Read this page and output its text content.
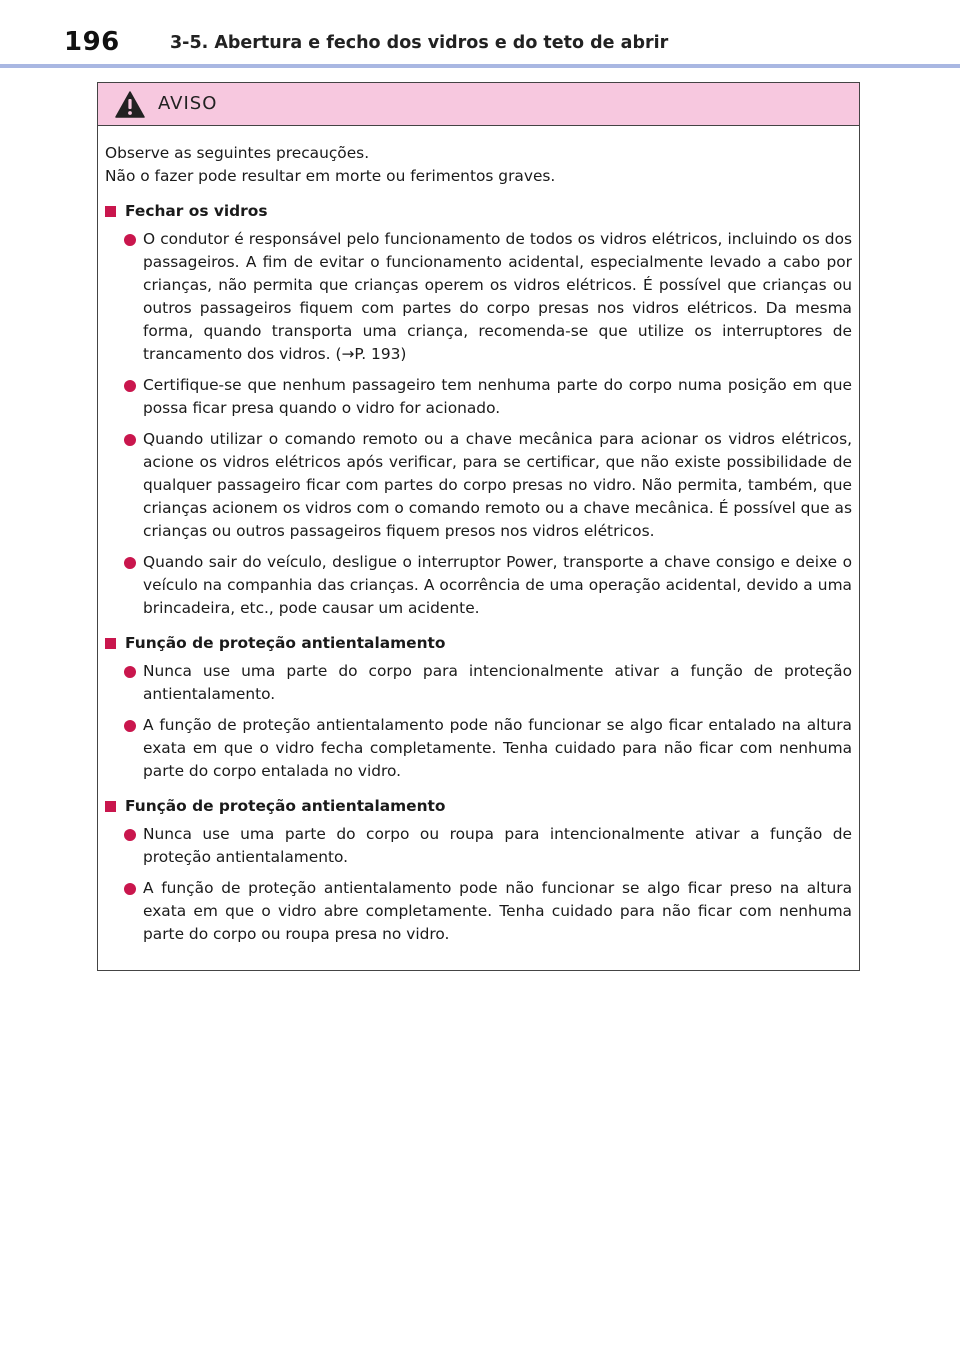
196	3-5. Abertura e fecho dos vidros e do teto de abrir
AVISO

Observe as seguintes precauções.

Não o fazer pode resultar em morte ou ferimentos graves.

Fechar os vidros
O condutor é responsável pelo funcionamento de todos os vidros elétricos, incluindo os dos passageiros. A fim de evitar o funcionamento acidental, especialmente levado a cabo por crianças, não permita que crianças operem os vidros elétricos. É possível que crianças ou outros passageiros fiquem com partes do corpo presas nos vidros elétricos. Da mesma forma, quando transporta uma criança, recomenda-se que utilize os interruptores de trancamento dos vidros. (→P. 193)
Certifique-se que nenhum passageiro tem nenhuma parte do corpo numa posição em que possa ficar presa quando o vidro for acionado.
Quando utilizar o comando remoto ou a chave mecânica para acionar os vidros elétricos, acione os vidros elétricos após verificar, para se certificar, que não existe possibilidade de qualquer passageiro ficar com partes do corpo presas no vidro. Não permita, também, que crianças acionem os vidros com o comando remoto ou a chave mecânica. É possível que as crianças ou outros passageiros fiquem presos nos vidros elétricos.
Quando sair do veículo, desligue o interruptor Power, transporte a chave consigo e deixe o veículo na companhia das crianças. A ocorrência de uma operação acidental, devido a uma brincadeira, etc., pode causar um acidente.
Função de proteção antientalamento
Nunca use uma parte do corpo para intencionalmente ativar a função de proteção antientalamento.
A função de proteção antientalamento pode não funcionar se algo ficar entalado na altura exata em que o vidro fecha completamente. Tenha cuidado para não ficar com nenhuma parte do corpo entalada no vidro.
Função de proteção antientalamento
Nunca use uma parte do corpo ou roupa para intencionalmente ativar a função de proteção antientalamento.
A função de proteção antientalamento pode não funcionar se algo ficar preso na altura exata em que o vidro abre completamente. Tenha cuidado para não ficar com nenhuma parte do corpo ou roupa presa no vidro.
